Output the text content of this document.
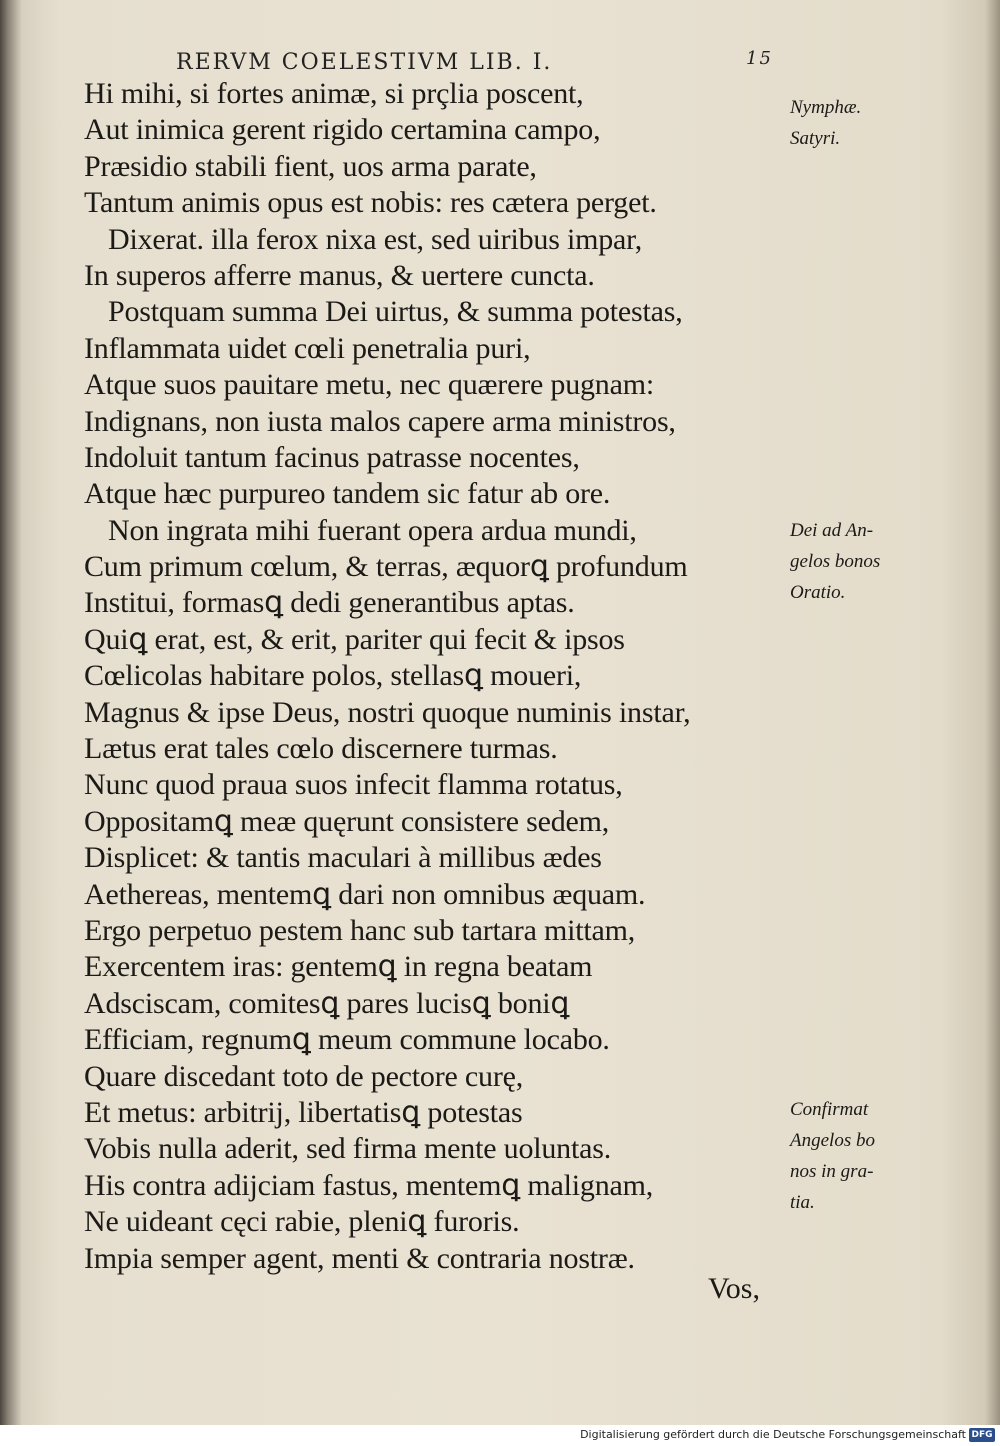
RERVM COELESTIVM LIB. I.	15
Hi mihi, si fortes animæ, si prçlia poscent,
Aut inimica gerent rigido certamina campo,
Præsidio stabili fient, uos arma parate,
Tantum animis opus est nobis: res cætera perget.
Dixerat. illa ferox nixa est, sed uiribus impar,
In superos afferre manus, & uertere cuncta.
Postquam summa Dei uirtus, & summa potestas,
Inflammata uidet cœli penetralia puri,
Atque suos pauitare metu, nec quærere pugnam:
Indignans, non iusta malos capere arma ministros,
Indoluit tantum facinus patrasse nocentes,
Atque hæc purpureo tandem sic fatur ab ore.
Non ingrata mihi fuerant opera ardua mundi,
Cum primum cœlum, & terras, æquorꝗ profundum
Institui, formasꝗ dedi generantibus aptas.
Quiꝗ erat, est, & erit, pariter qui fecit & ipsos
Cœlicolas habitare polos, stellasꝗ moueri,
Magnus & ipse Deus, nostri quoque numinis instar,
Lætus erat tales cœlo discernere turmas.
Nunc quod praua suos infecit flamma rotatus,
Oppositamꝗ meæ quęrunt consistere sedem,
Displicet: & tantis maculari à millibus ædes
Aethereas, mentemꝗ dari non omnibus æquam.
Ergo perpetuo pestem hanc sub tartara mittam,
Exercentem iras: gentemꝗ in regna beatam
Adsciscam, comitesꝗ pares lucisꝗ boniꝗ
Efficiam, regnumꝗ meum commune locabo.
Quare discedant toto de pectore curę,
Et metus: arbitrij, libertatisꝗ potestas
Vobis nulla aderit, sed firma mente uoluntas.
His contra adijciam fastus, mentemꝗ malignam,
Ne uideant cęci rabie, pleniꝗ furoris.
Impia semper agent, menti & contraria nostræ.
Vos,
Nymphæ.
Satyri.
Dei ad An-
gelos bonos
Oratio.
Confirmat
Angelos bo
nos in gra-
tia.
Digitalisierung gefördert durch die Deutsche Forschungsgemeinschaft DFG
